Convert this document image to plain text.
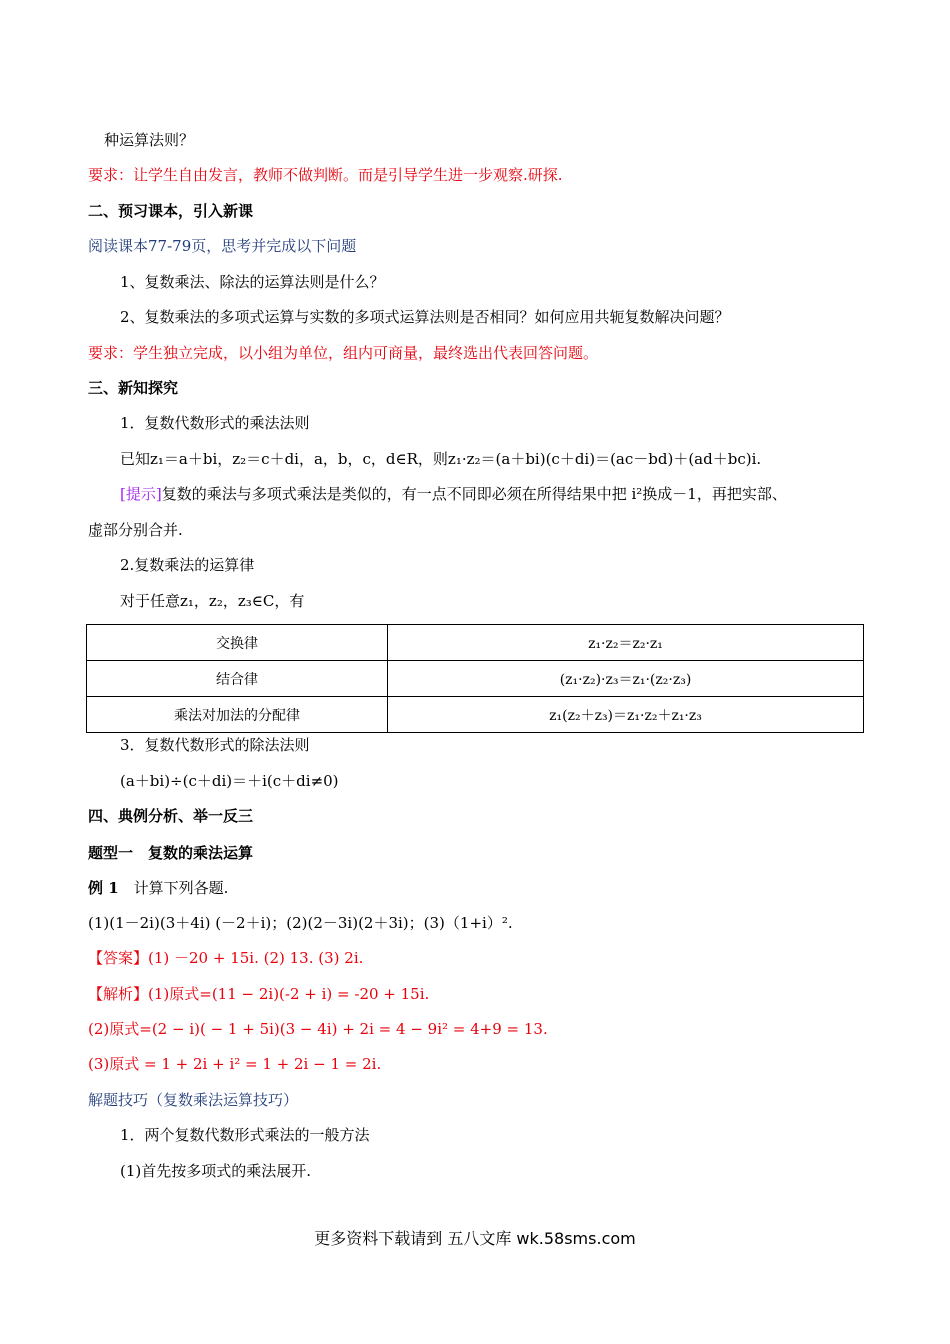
种运算法则？
要求：让学生自由发言，教师不做判断。而是引导学生进一步观察.研探.
二、预习课本，引入新课
阅读课本77-79页，思考并完成以下问题
1、复数乘法、除法的运算法则是什么？
2、复数乘法的多项式运算与实数的多项式运算法则是否相同？如何应用共轭复数解决问题？
要求：学生独立完成，以小组为单位，组内可商量，最终选出代表回答问题。
三、新知探究
1．复数代数形式的乘法法则
已知z₁＝a＋bi，z₂＝c＋di，a，b，c，d∈R，则z₁·z₂＝(a＋bi)(c＋di)＝(ac－bd)＋(ad＋bc)i.
[提示]复数的乘法与多项式乘法是类似的，有一点不同即必须在所得结果中把 i²换成－1，再把实部、
虚部分别合并.
2.复数乘法的运算律
对于任意z₁，z₂，z₃∈C，有
交换律	z₁·z₂＝z₂·z₁
结合律	(z₁·z₂)·z₃＝z₁·(z₂·z₃)
乘法对加法的分配律	z₁(z₂＋z₃)＝z₁·z₂＋z₁·z₃
3．复数代数形式的除法法则
(a＋bi)÷(c＋di)＝＋i(c＋di≠0)
四、典例分析、举一反三
题型一　复数的乘法运算
例 1　计算下列各题.
(1)(1－2i)(3＋4i) (－2＋i)；(2)(2－3i)(2＋3i)；(3)（1+i）².
【答案】(1) －20 + 15i. (2) 13. (3) 2i.
【解析】(1)原式=(11 − 2i)(-2 + i) = -20 + 15i.
(2)原式=(2 − i)( − 1 + 5i)(3 − 4i) + 2i = 4 − 9i² = 4+9 = 13.
(3)原式 = 1 + 2i + i² = 1 + 2i − 1 = 2i.
解题技巧（复数乘法运算技巧）
1．两个复数代数形式乘法的一般方法
(1)首先按多项式的乘法展开.
更多资料下载请到 五八文库 wk.58sms.com
